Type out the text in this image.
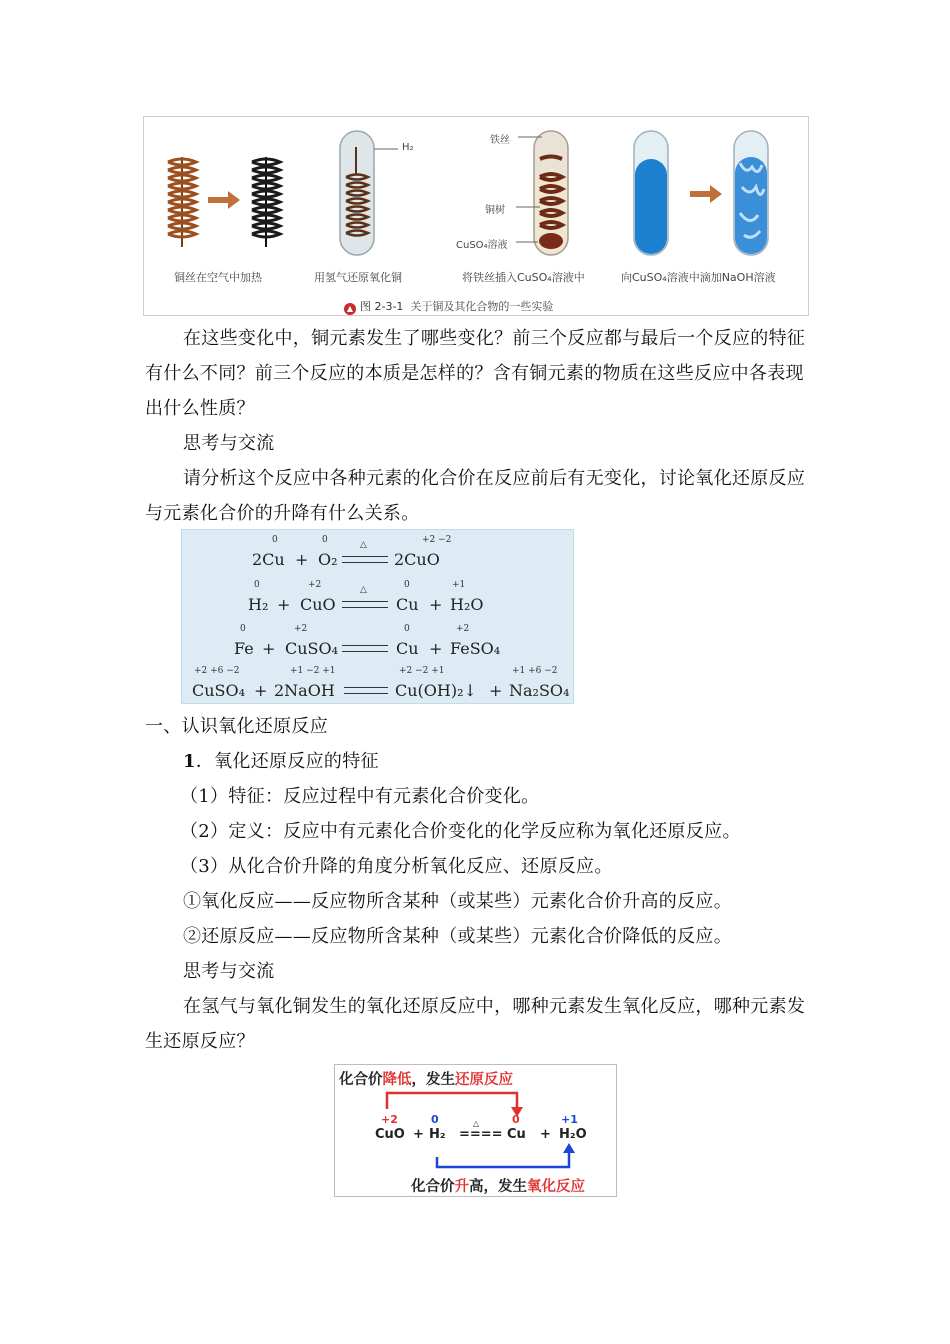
铁丝
铜树
CuSO₄溶液
H₂
铜丝在空气中加热	用氢气还原氧化铜	将铁丝插入CuSO₄溶液中	向CuSO₄溶液中滴加NaOH溶液
▲ 图 2-3-1 关于铜及其化合物的一些实验
在这些变化中，铜元素发生了哪些变化？前三个反应都与最后一个反应的特征有什么不同？前三个反应的本质是怎样的？含有铜元素的物质在这些反应中各表现出什么性质？
思考与交流
请分析这个反应中各种元素的化合价在反应前后有无变化，讨论氧化还原反应与元素化合价的升降有什么关系。
0	0	+2 −2
2Cu + O₂
△
2CuO
0	+2	0	+1
H₂ + CuO
△
Cu + H₂O
0	+2	0	+2
Fe + CuSO₄	Cu + FeSO₄
+2 +6 −2	+1 −2 +1	+2 −2 +1	+1 +6 −2
CuSO₄ + 2NaOH	Cu(OH)₂↓ + Na₂SO₄
一、认识氧化还原反应
1．氧化还原反应的特征
（1）特征：反应过程中有元素化合价变化。
（2）定义：反应中有元素化合价变化的化学反应称为氧化还原反应。
（3）从化合价升降的角度分析氧化反应、还原反应。
①氧化反应——反应物所含某种（或某些）元素化合价升高的反应。
②还原反应——反应物所含某种（或某些）元素化合价降低的反应。
思考与交流
在氢气与氧化铜发生的氧化还原反应中，哪种元素发生氧化反应，哪种元素发生还原反应？
化合价降低，发生还原反应
+2	0	0	+1
CuO + H₂
△
==== Cu + H₂O
化合价升高，发生氧化反应
